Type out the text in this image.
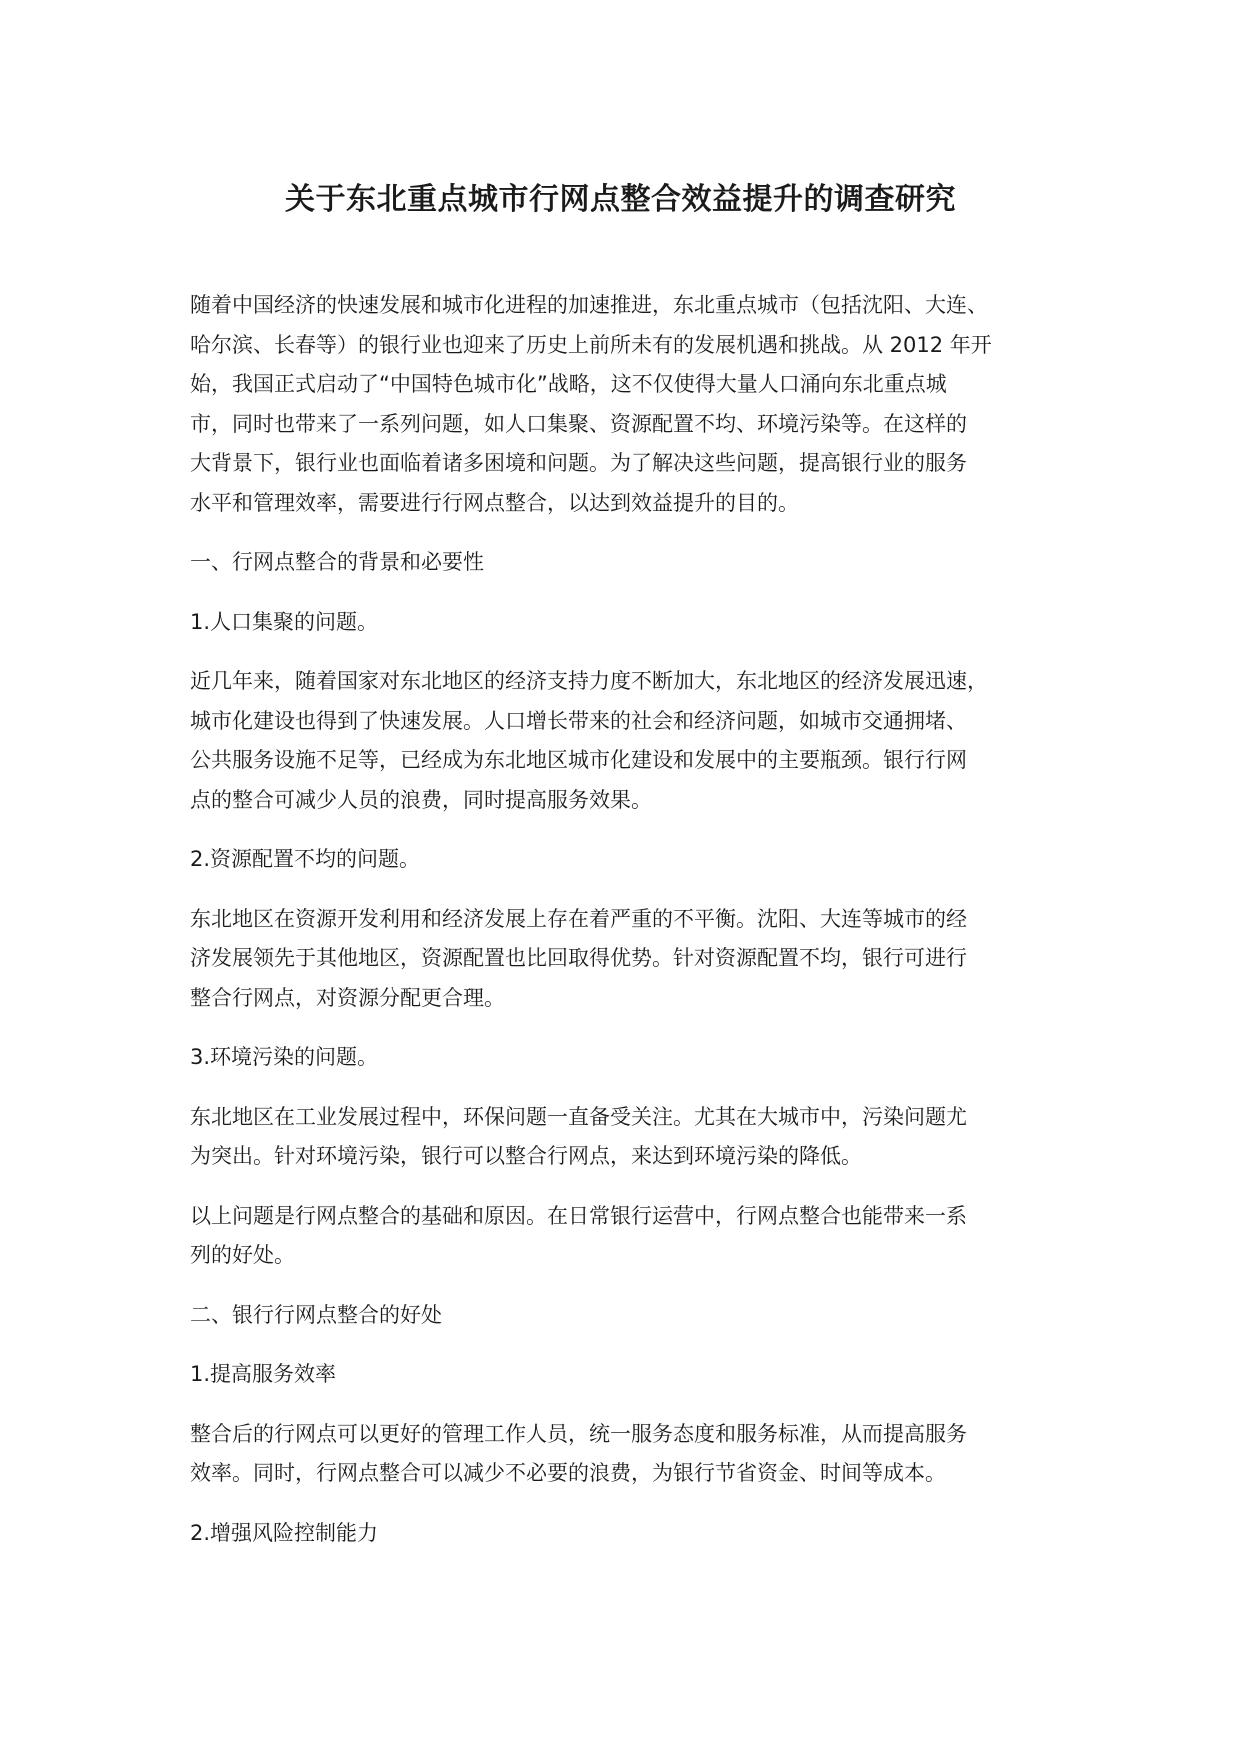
关于东北重点城市行网点整合效益提升的调查研究

随着中国经济的快速发展和城市化进程的加速推进，东北重点城市（包括沈阳、大连、
哈尔滨、长春等）的银行业也迎来了历史上前所未有的发展机遇和挑战。从 2012 年开
始，我国正式启动了“中国特色城市化”战略，这不仅使得大量人口涌向东北重点城
市，同时也带来了一系列问题，如人口集聚、资源配置不均、环境污染等。在这样的
大背景下，银行业也面临着诸多困境和问题。为了解决这些问题，提高银行业的服务
水平和管理效率，需要进行行网点整合，以达到效益提升的目的。

一、行网点整合的背景和必要性

1.人口集聚的问题。

近几年来，随着国家对东北地区的经济支持力度不断加大，东北地区的经济发展迅速，
城市化建设也得到了快速发展。人口增长带来的社会和经济问题，如城市交通拥堵、
公共服务设施不足等，已经成为东北地区城市化建设和发展中的主要瓶颈。银行行网
点的整合可减少人员的浪费，同时提高服务效果。

2.资源配置不均的问题。

东北地区在资源开发利用和经济发展上存在着严重的不平衡。沈阳、大连等城市的经
济发展领先于其他地区，资源配置也比回取得优势。针对资源配置不均，银行可进行
整合行网点，对资源分配更合理。

3.环境污染的问题。

东北地区在工业发展过程中，环保问题一直备受关注。尤其在大城市中，污染问题尤
为突出。针对环境污染，银行可以整合行网点，来达到环境污染的降低。

以上问题是行网点整合的基础和原因。在日常银行运营中，行网点整合也能带来一系
列的好处。

二、银行行网点整合的好处

1.提高服务效率

整合后的行网点可以更好的管理工作人员，统一服务态度和服务标准，从而提高服务
效率。同时，行网点整合可以减少不必要的浪费，为银行节省资金、时间等成本。

2.增强风险控制能力
